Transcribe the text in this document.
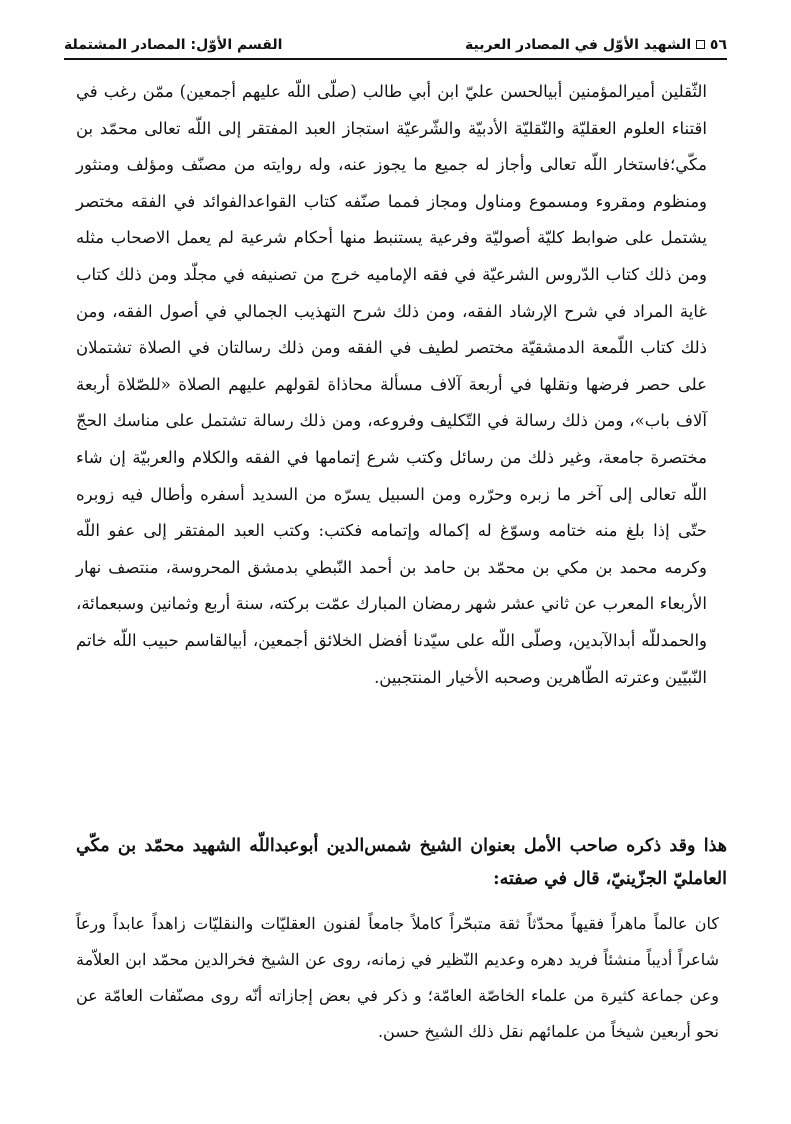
٥٦  الشهيد الأوّل في المصادر العربية
القسم الأوّل: المصادر المشتملة

الثّقلين أميرالمؤمنين أبيالحسن عليّ ابن أبي طالب (صلّى اللّه عليهم أجمعين) ممّن رغب في اقتناء العلوم العقليّة والنّقليّة الأدبيّة والشّرعيّة استجاز العبد المفتقر إلى اللّه تعالى محمّد بن مكّي؛فاستخار اللّه تعالى وأجاز له جميع ما يجوز عنه، وله روايته من مصنّف ومؤلف ومنثور ومنظوم ومقروء ومسموع ومناول ومجاز فمما صنّفه كتاب القواعدالفوائد في الفقه مختصر يشتمل على ضوابط كليّة أصوليّة وفرعية يستنبط منها أحكام شرعية لم يعمل الاصحاب مثله ومن ذلك كتاب الدّروس الشرعيّة في فقه الإماميه خرج من تصنيفه في مجلّد ومن ذلك كتاب غاية المراد في شرح الإرشاد الفقه، ومن ذلك شرح التهذيب الجمالي في أصول الفقه، ومن ذلك كتاب اللّمعة الدمشقيّة مختصر لطيف في الفقه ومن ذلك رسالتان في الصلاة تشتملان على حصر فرضها ونقلها في أربعة آلاف مسألة محاذاة لقولهم عليهم الصلاة «للصّلاة أربعة آلاف باب»، ومن ذلك رسالة في التّكليف وفروعه، ومن ذلك رسالة تشتمل على مناسك الحجّ مختصرة جامعة، وغير ذلك من رسائل وكتب شرع إتمامها في الفقه والكلام والعربيّة إن شاء اللّه تعالى إلى آخر ما زبره وحرّره ومن السبيل يسرّه من السديد أسفره وأطال فيه زوبره حتّى إذا بلغ منه ختامه وسوّغ له إكماله وإتمامه فكتب: وكتب العبد المفتقر إلى عفو اللّه وكرمه محمد بن مكي بن محمّد بن حامد بن أحمد النّبطي بدمشق المحروسة، منتصف نهار الأربعاء المعرب عن ثاني عشر شهر رمضان المبارك عمّت بركته، سنة أربع وثمانين وسبعمائة، والحمدللّه أبدالآبدين، وصلّى اللّه على سيّدنا أفضل الخلائق أجمعين، أبيالقاسم حبيب اللّه خاتم النّبيّين وعترته الطّاهرين وصحبه الأخيار المنتجبين.

هذا وقد ذكره صاحب الأمل بعنوان الشيخ شمس‌الدين أبوعبداللّه الشهيد محمّد بن مكّي العامليّ الجزّينيّ، قال في صفته:

كان عالماً ماهراً فقيهاً محدّثاً ثقة متبحّراً كاملاً جامعاً لفنون العقليّات والنقليّات زاهداً عابداً ورعاً شاعراً أديباً منشئاً فريد دهره وعديم النّظير في زمانه، روى عن الشيخ فخرالدين محمّد ابن العلاّمة وعن جماعة كثيرة من علماء الخاصّة العامّة؛ و ذكر في بعض إجازاته أنّه روى مصنّفات العامّة عن نحو أربعين شيخاً من علمائهم نقل ذلك الشيخ حسن.
